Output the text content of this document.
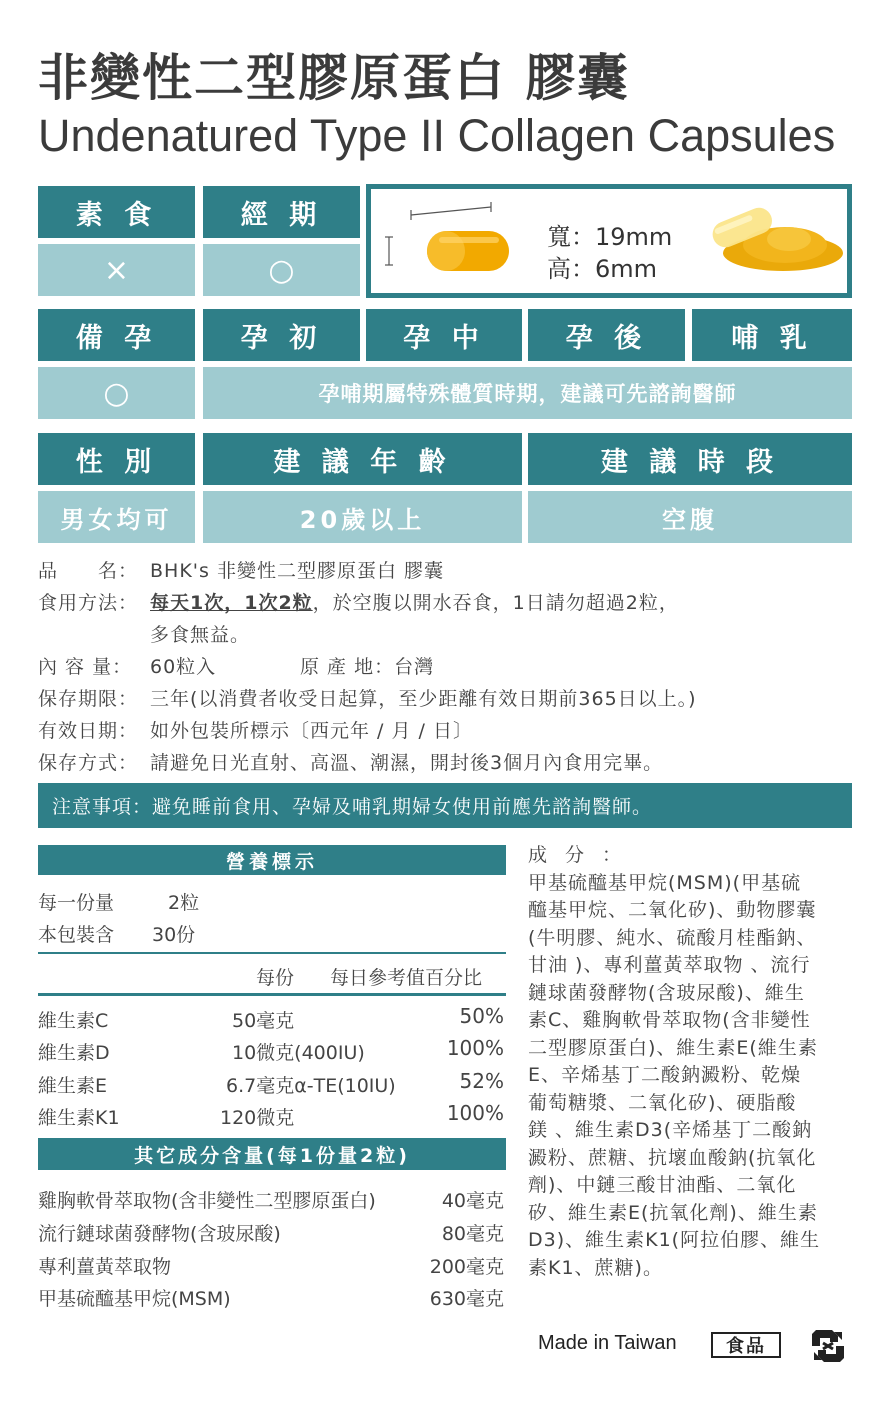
非變性二型膠原蛋白 膠囊
Undenatured Type II Collagen Capsules
素 食	經 期
×	○
寬：19mm
高：6mm
備 孕	孕 初	孕 中	孕 後	哺 乳
○	孕哺期屬特殊體質時期，建議可先諮詢醫師
性 別	建 議 年 齡	建 議 時 段
男女均可	20歲以上	空腹
品　　名： BHK's 非變性二型膠原蛋白 膠囊
食用方法： 每天1次，1次2粒，於空腹以開水吞食，1日請勿超過2粒，
多食無益。
內 容 量： 60粒入	原 產 地：台灣
保存期限： 三年(以消費者收受日起算，至少距離有效日期前365日以上。)
有效日期： 如外包裝所標示〔西元年 / 月 / 日〕
保存方式： 請避免日光直射、高溫、潮濕，開封後3個月內食用完畢。
注意事項：避免睡前食用、孕婦及哺乳期婦女使用前應先諮詢醫師。
營養標示
每一份量	2粒
本包裝含 30份
每份 每日參考值百分比
維生素C	50毫克	50%
維生素D	10微克(400IU)	100%
維生素E	6.7毫克α-TE(10IU)	52%
維生素K1	120微克	100%
其它成分含量(每1份量2粒)
雞胸軟骨萃取物(含非變性二型膠原蛋白)	40毫克
流行鏈球菌發酵物(含玻尿酸)	80毫克
專利薑黃萃取物	200毫克
甲基硫醯基甲烷(MSM)	630毫克
成分：
甲基硫醯基甲烷(MSM)(甲基硫
醯基甲烷、二氧化矽)、動物膠囊
(牛明膠、純水、硫酸月桂酯鈉、
甘油 )、專利薑黃萃取物 、流行
鏈球菌發酵物(含玻尿酸)、維生
素C、雞胸軟骨萃取物(含非變性
二型膠原蛋白)、維生素E(維生素
E、辛烯基丁二酸鈉澱粉、乾燥
葡萄糖漿、二氧化矽)、硬脂酸
鎂 、維生素D3(辛烯基丁二酸鈉
澱粉、蔗糖、抗壞血酸鈉(抗氧化
劑)、中鏈三酸甘油酯、二氧化
矽、維生素E(抗氧化劑)、維生素
D3)、維生素K1(阿拉伯膠、維生
素K1、蔗糖)。
Made in Taiwan	食品
